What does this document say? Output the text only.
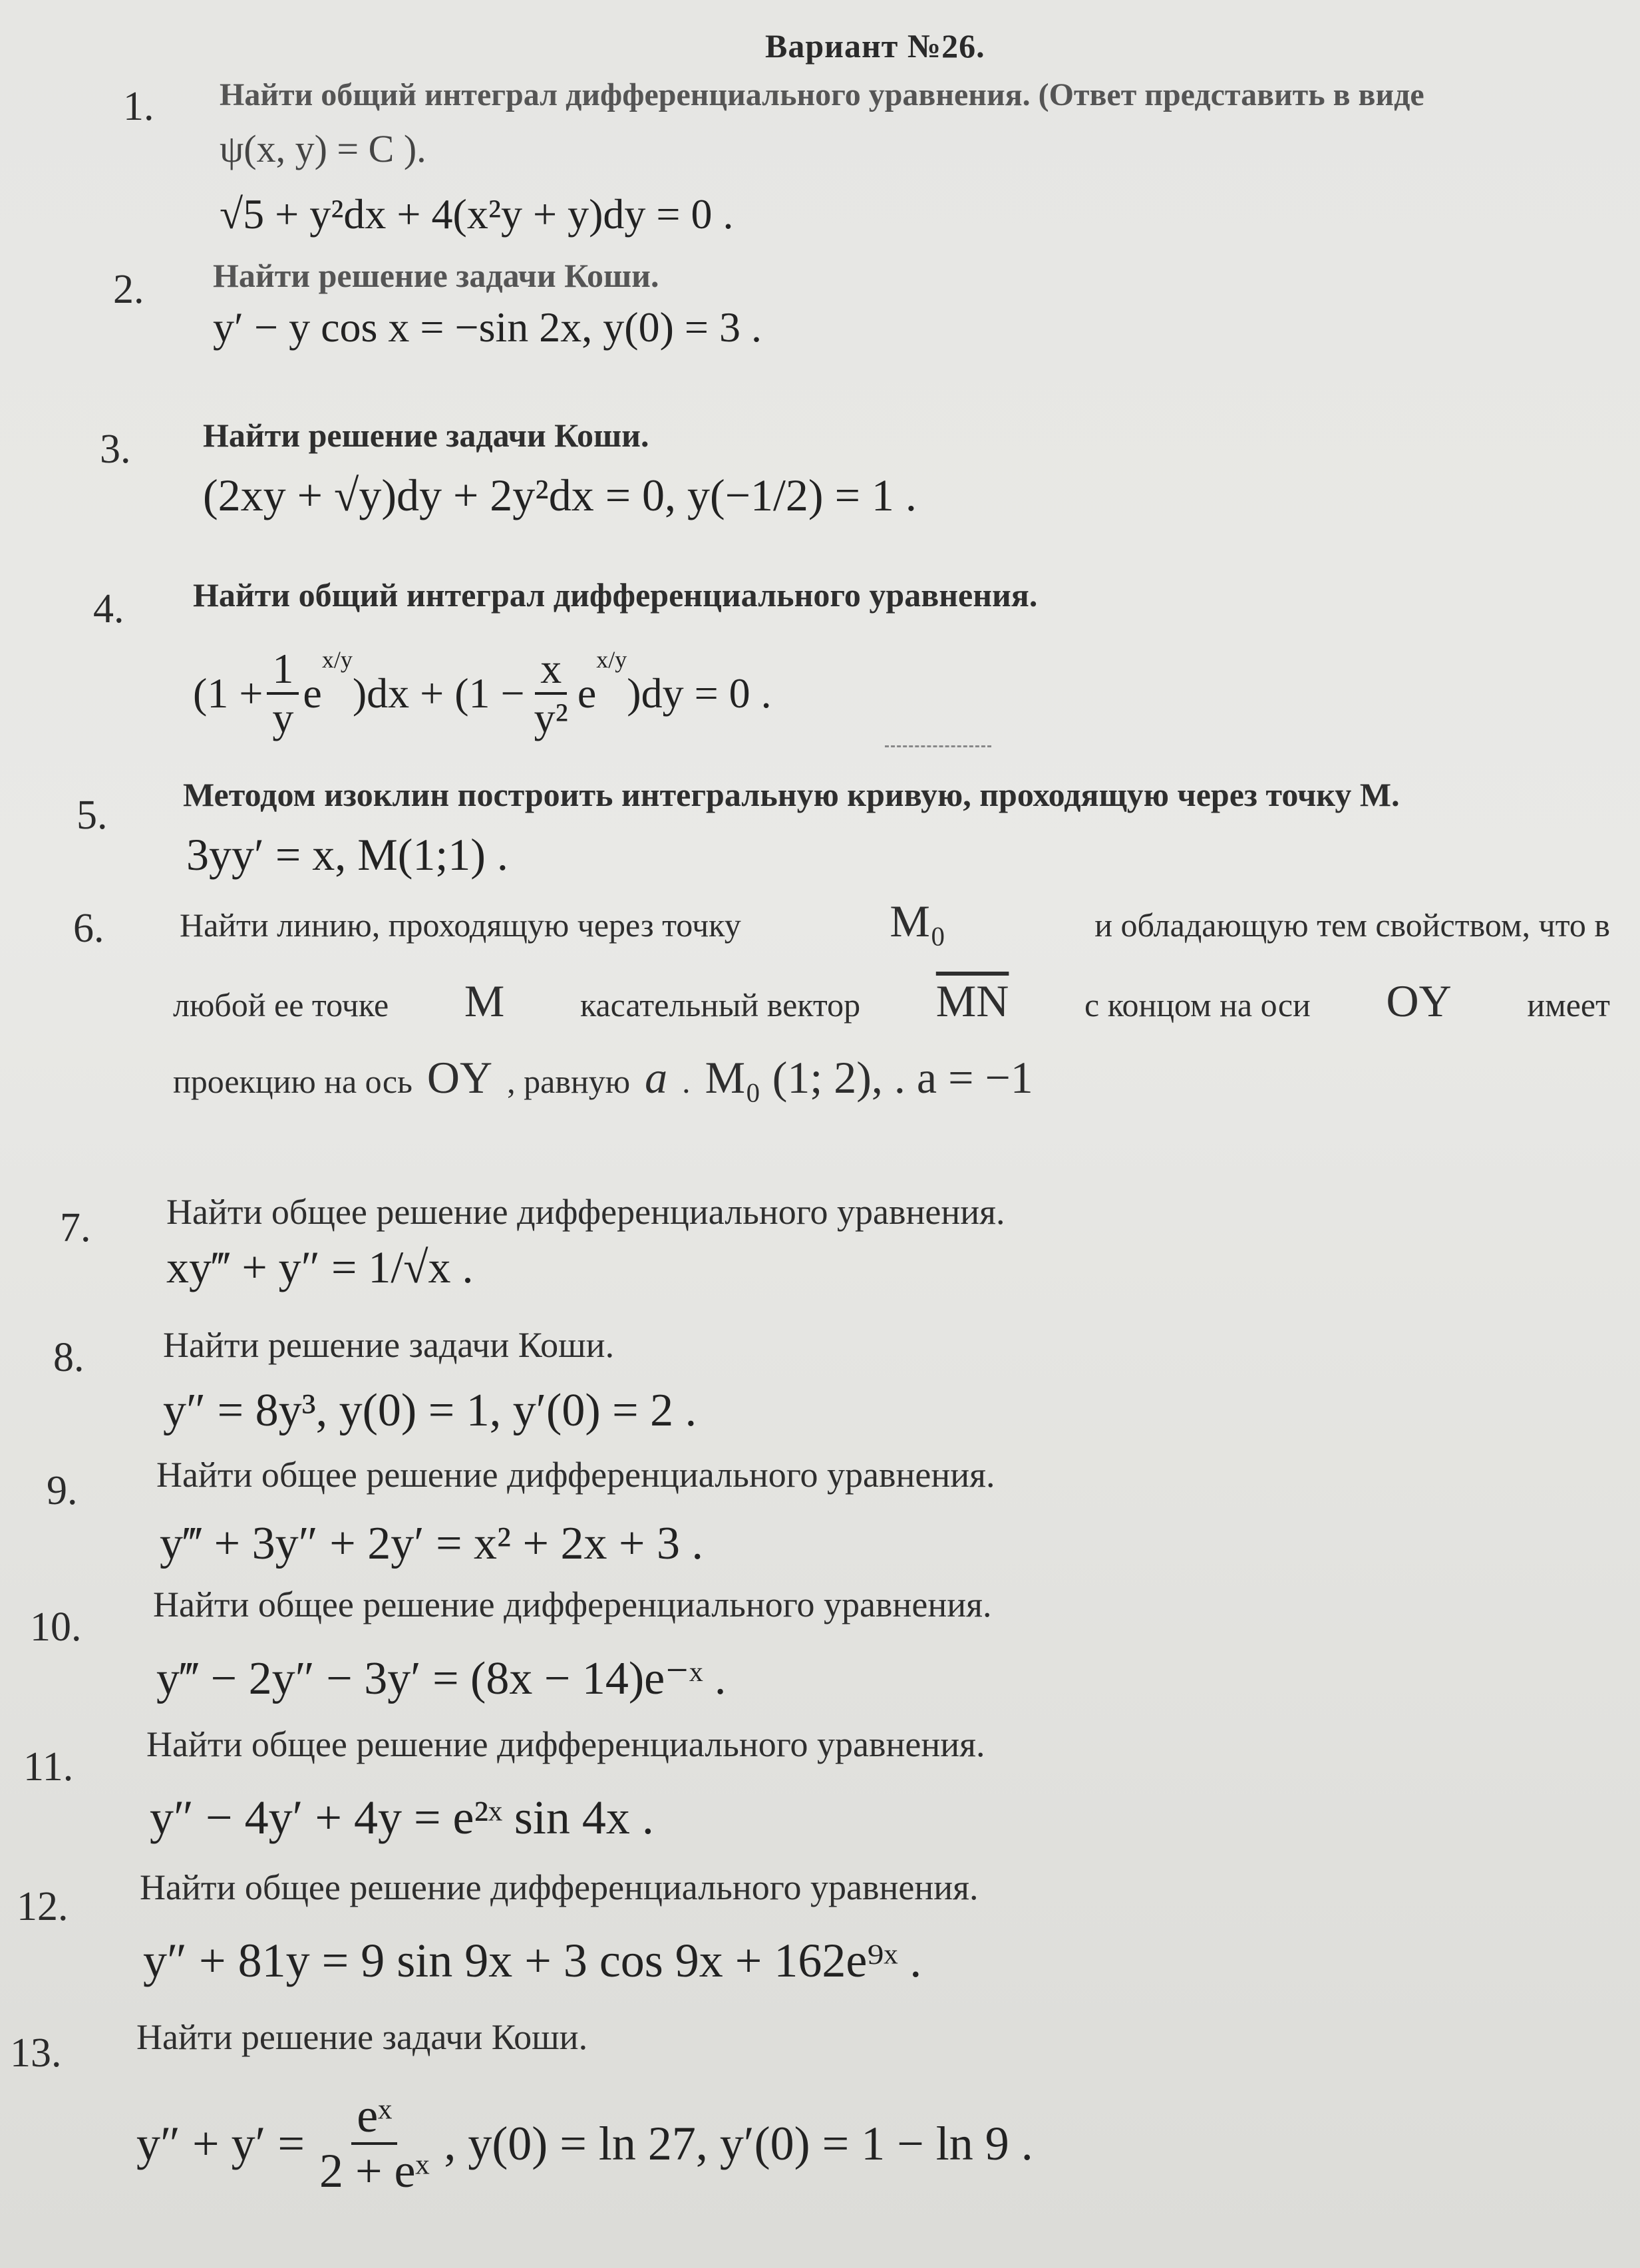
Вариант №26.
1. Найти общий интеграл дифференциального уравнения. (Ответ представить в виде
ψ(x, y) = C ).
√5 + y²dx + 4(x²y + y)dy = 0 .
2. Найти решение задачи Коши.
y′ − y cos x = −sin 2x, y(0) = 3 .
3. Найти решение задачи Коши.
(2xy + √y)dy + 2y²dx = 0, y(−1/2) = 1 .
4. Найти общий интеграл дифференциального уравнения.
($1 + \frac{1}{y}$ e
$^{x/y}$
)$dx + (1 - \frac{x}{\text{y²}}$ e
$^{x/y}$
)dy = 0 .
5. Методом изоклин построить интегральную кривую, проходящую через точку М.
3yy′ = x, M(1;1) .
6. Найти линию, проходящую через точку	M₀	и обладающую тем свойством, что в
любой ее точке M касательный вектор $\overline{MN}$ с концом на оси OY имеет
проекцию на ось OY , равную a . M₀ (1; 2), . a = −1
7. Найти общее решение дифференциального уравнения.
xy‴ + y″ = 1/√x .
8. Найти решение задачи Коши.
y″ = 8y³, y(0) = 1, y′(0) = 2 .
9. Найти общее решение дифференциального уравнения.
y‴ + 3y″ + 2y′ = x² + 2x + 3 .
10. Найти общее решение дифференциального уравнения.
y‴ − 2y″ − 3y′ = (8x − 14)e⁻ˣ .
11. Найти общее решение дифференциального уравнения.
y″ − 4y′ + 4y = e²ˣ sin 4x .
12. Найти общее решение дифференциального уравнения.
y″ + 81y = 9 sin 9x + 3 cos 9x + 162e⁹ˣ .
13. Найти решение задачи Коши.
$y'' + y' = \frac{\text{eˣ}}{\text{2 + eˣ}}$ , y(0) = ln 27, y′(0) = 1 − ln 9 .
